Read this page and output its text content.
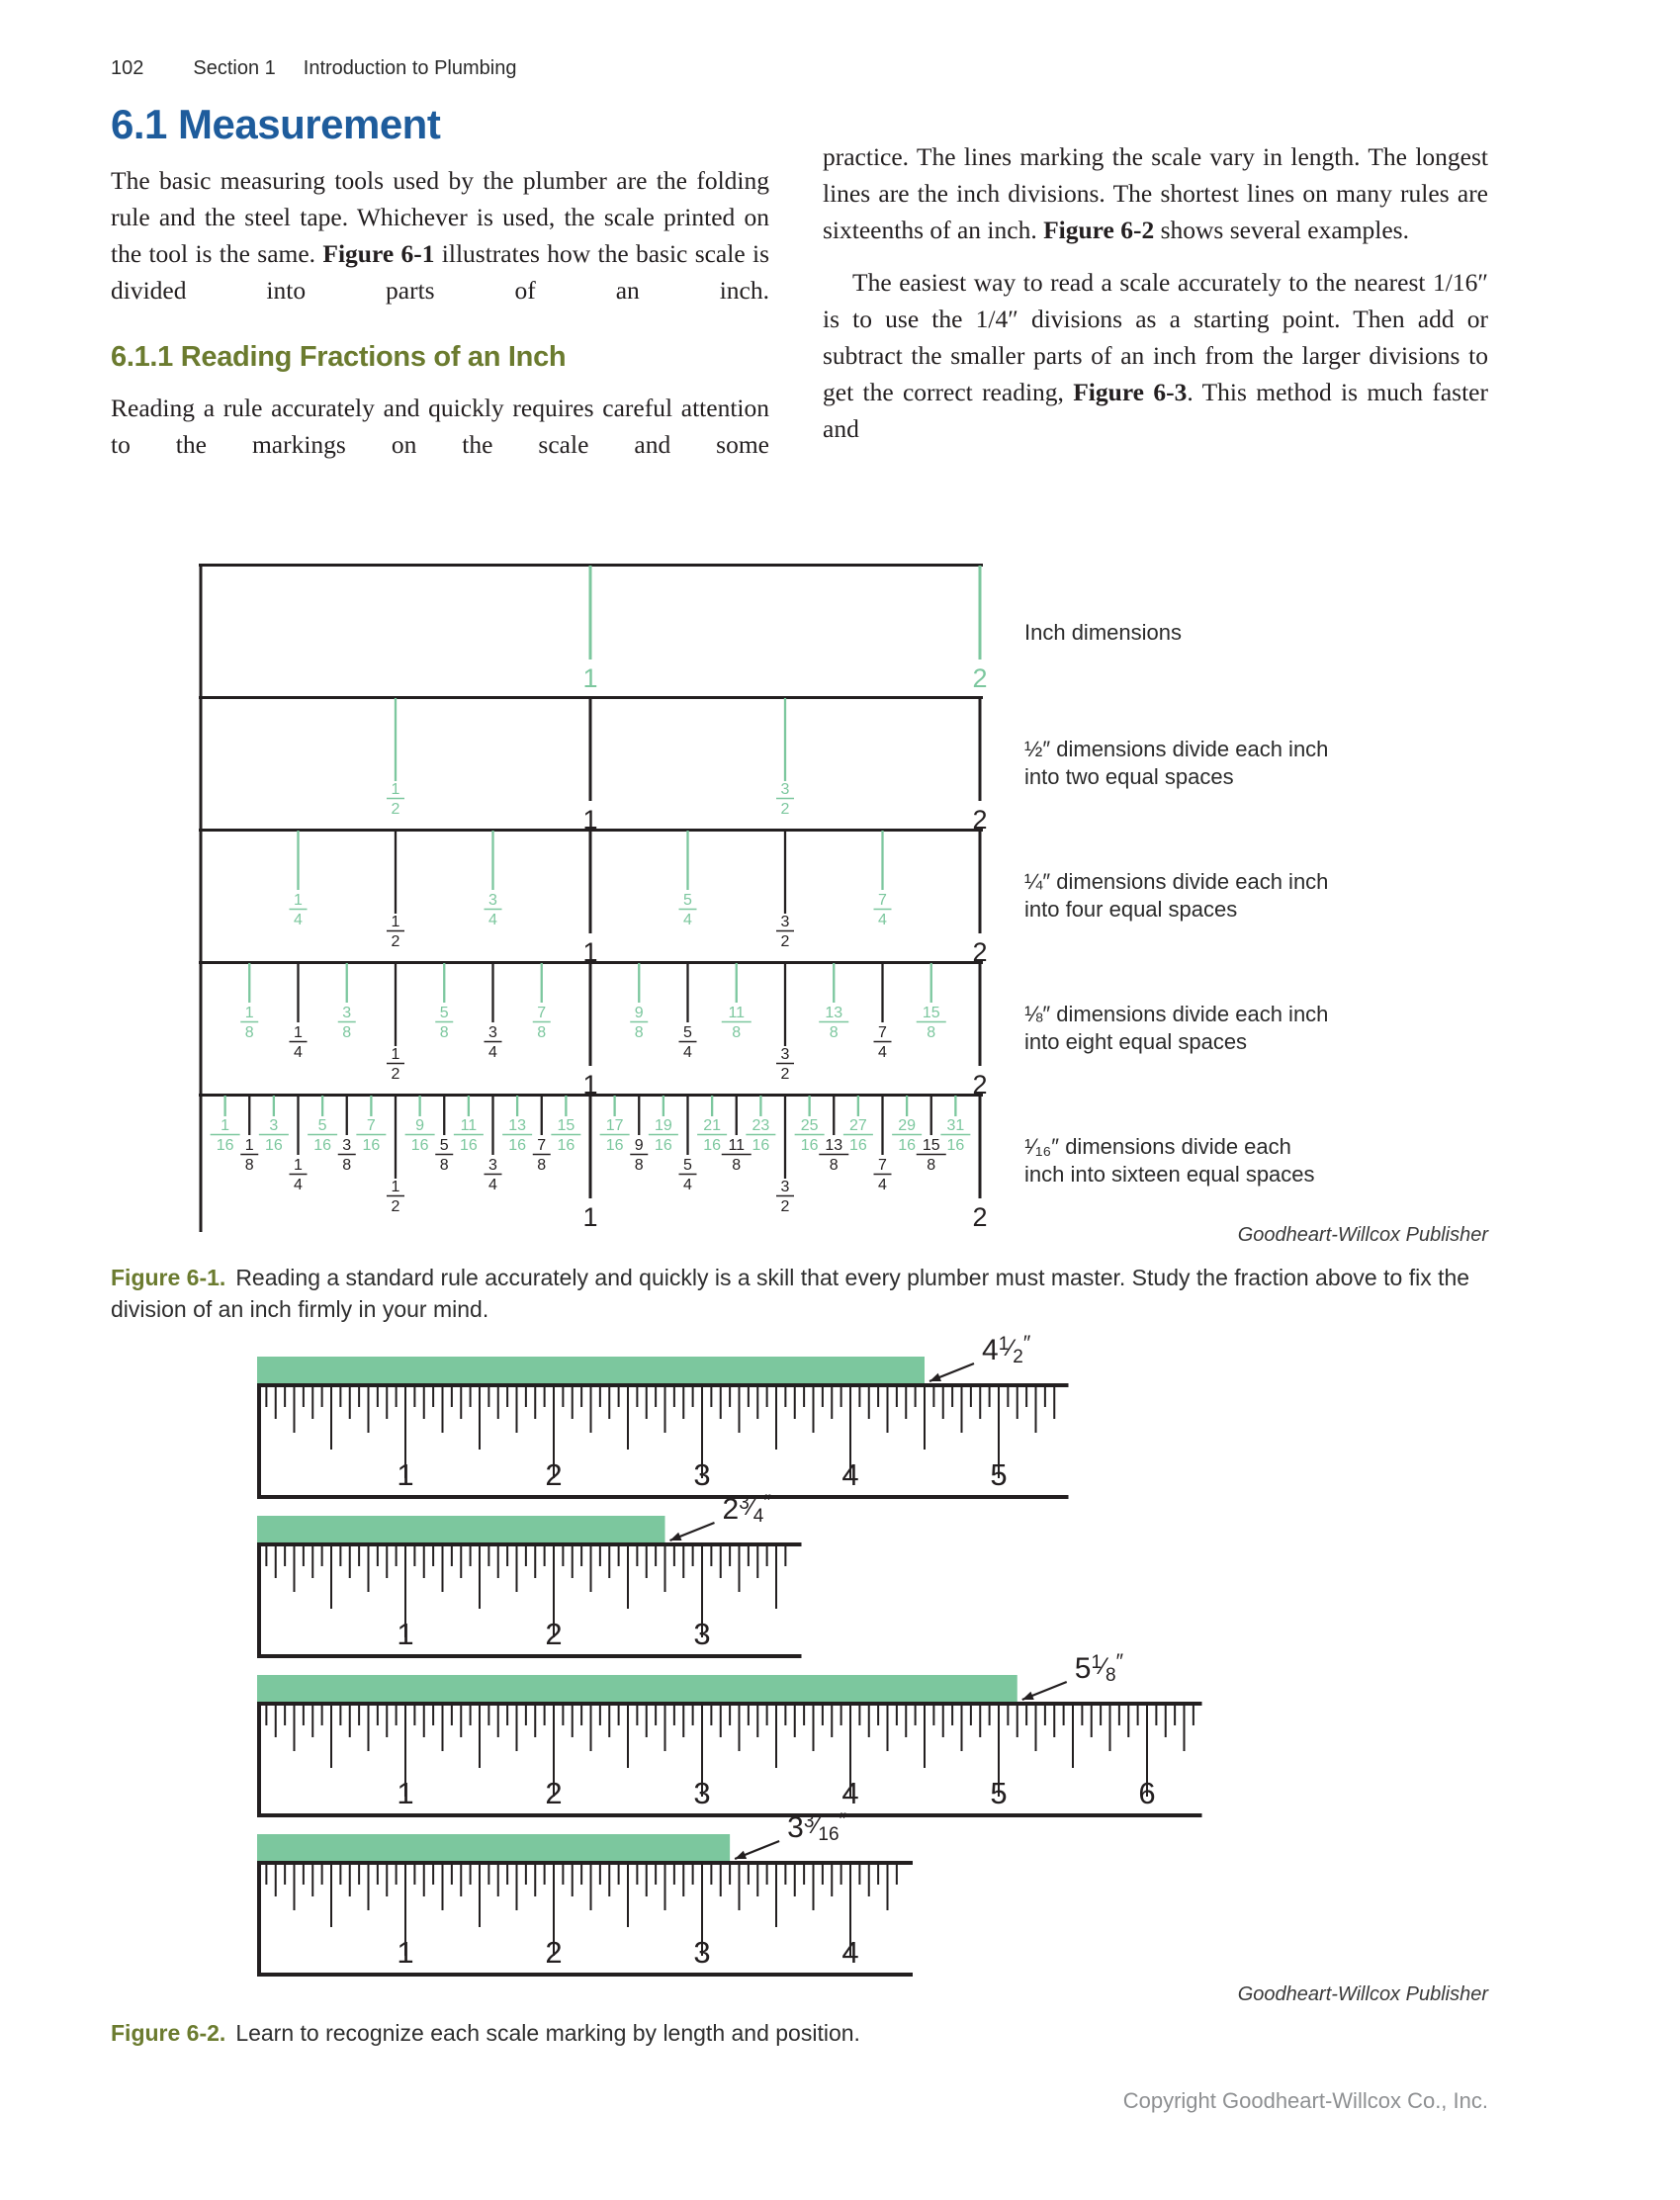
102	Section 1 Introduction to Plumbing
6.1 Measurement

The basic measuring tools used by the plumber are the folding rule and the steel tape. Whichever is used, the scale printed on the tool is the same. Figure 6-1 illustrates how the basic scale is divided into parts of an inch.

6.1.1 Reading Fractions of an Inch

Reading a rule accurately and quickly requires careful attention to the markings on the scale and some

practice. The lines marking the scale vary in length. The longest lines are the inch divisions. The shortest lines on many rules are sixteenths of an inch. Figure 6-2 shows several examples.

The easiest way to read a scale accurately to the nearest 1/16″ is to use the 1/4″ divisions as a starting point. Then add or subtract the smaller parts of an inch from the larger divisions to get the correct reading, Figure 6-3. This method is much faster and

1	2
Inch dimensions
1
2	1
3
2	2
½″ dimensions divide each inch into two equal spaces
1
4	1
2
3
4
1
5
4	3
2
7
4
2
¼″ dimensions divide each inch into four equal spaces
1
8	1
4
3
8
1
2
5
8	3
4
7
8
1
9
8	5
4
11
8
3
2
13
8	7
4
15
8
2
⅛″ dimensions divide each inch into eight equal spaces
1
16 1
8
3
16
1
4
5
16 3
8
7
16
1
2
9
16 5
8
11
16
3
4
13
16 7
8
15
16
1
17
16 9
8
19
16
5
4
21
16 11
8
23
16
3
2
25
16 13
8
27
16
7
4
29
16 15
8
31
16
2
¹⁄₁₆″ dimensions divide each inch into sixteen equal spaces
Goodheart-Willcox Publisher

Figure 6-1. Reading a standard rule accurately and quickly is a skill that every plumber must master. Study the fraction above to fix the division of an inch firmly in your mind.

1	2	3	4	5
41⁄2″
1	2	3
23⁄4″
1	2	3	4	5	6
51⁄8″
1	2	3	4
33⁄16″
Goodheart-Willcox Publisher

Figure 6-2. Learn to recognize each scale marking by length and position.

Copyright Goodheart-Willcox Co., Inc.
